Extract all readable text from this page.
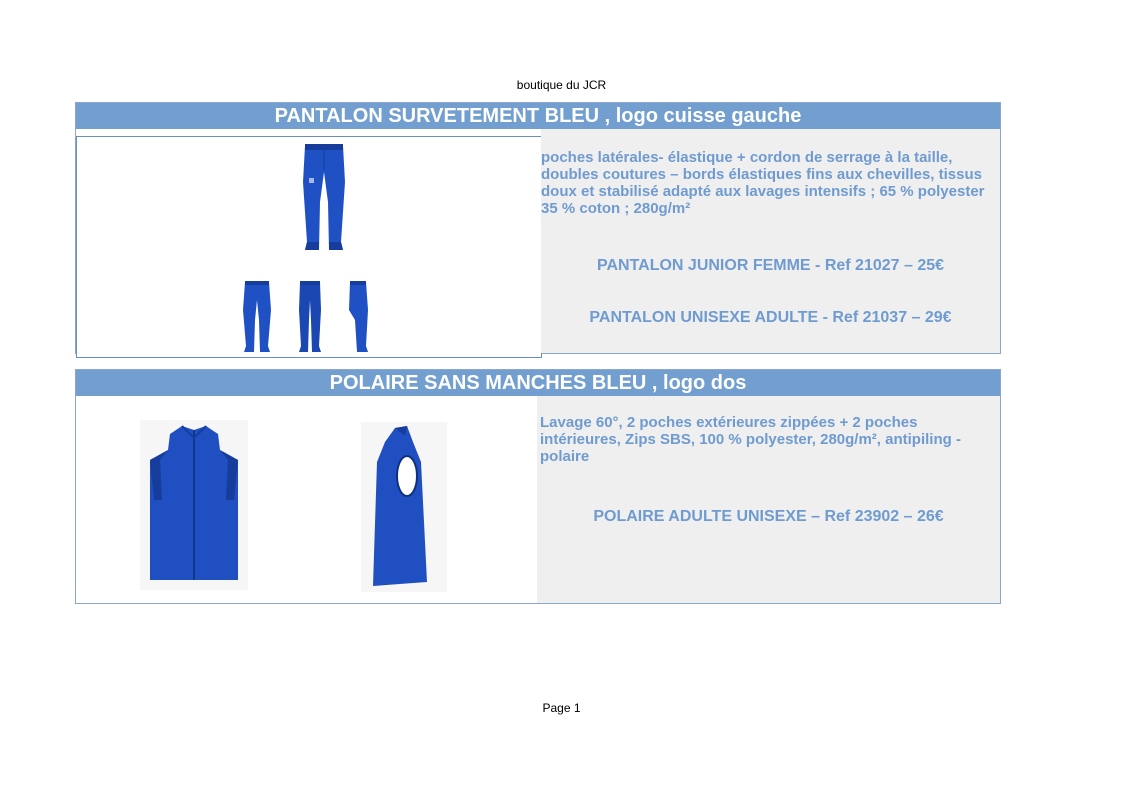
boutique du JCR
PANTALON SURVETEMENT BLEU , logo cuisse gauche
poches latérales- élastique + cordon de serrage à la taille, doubles coutures – bords élastiques fins aux chevilles, tissus doux et stabilisé adapté aux lavages intensifs ; 65 % polyester 35 % coton ; 280g/m²
PANTALON JUNIOR FEMME - Ref 21027 – 25€
PANTALON UNISEXE ADULTE - Ref 21037 – 29€
POLAIRE SANS MANCHES BLEU , logo dos
Lavage 60°, 2 poches extérieures zippées + 2 poches intérieures, Zips SBS, 100 % polyester, 280g/m², antipiling - polaire
POLAIRE ADULTE UNISEXE – Ref 23902 – 26€
Page 1
